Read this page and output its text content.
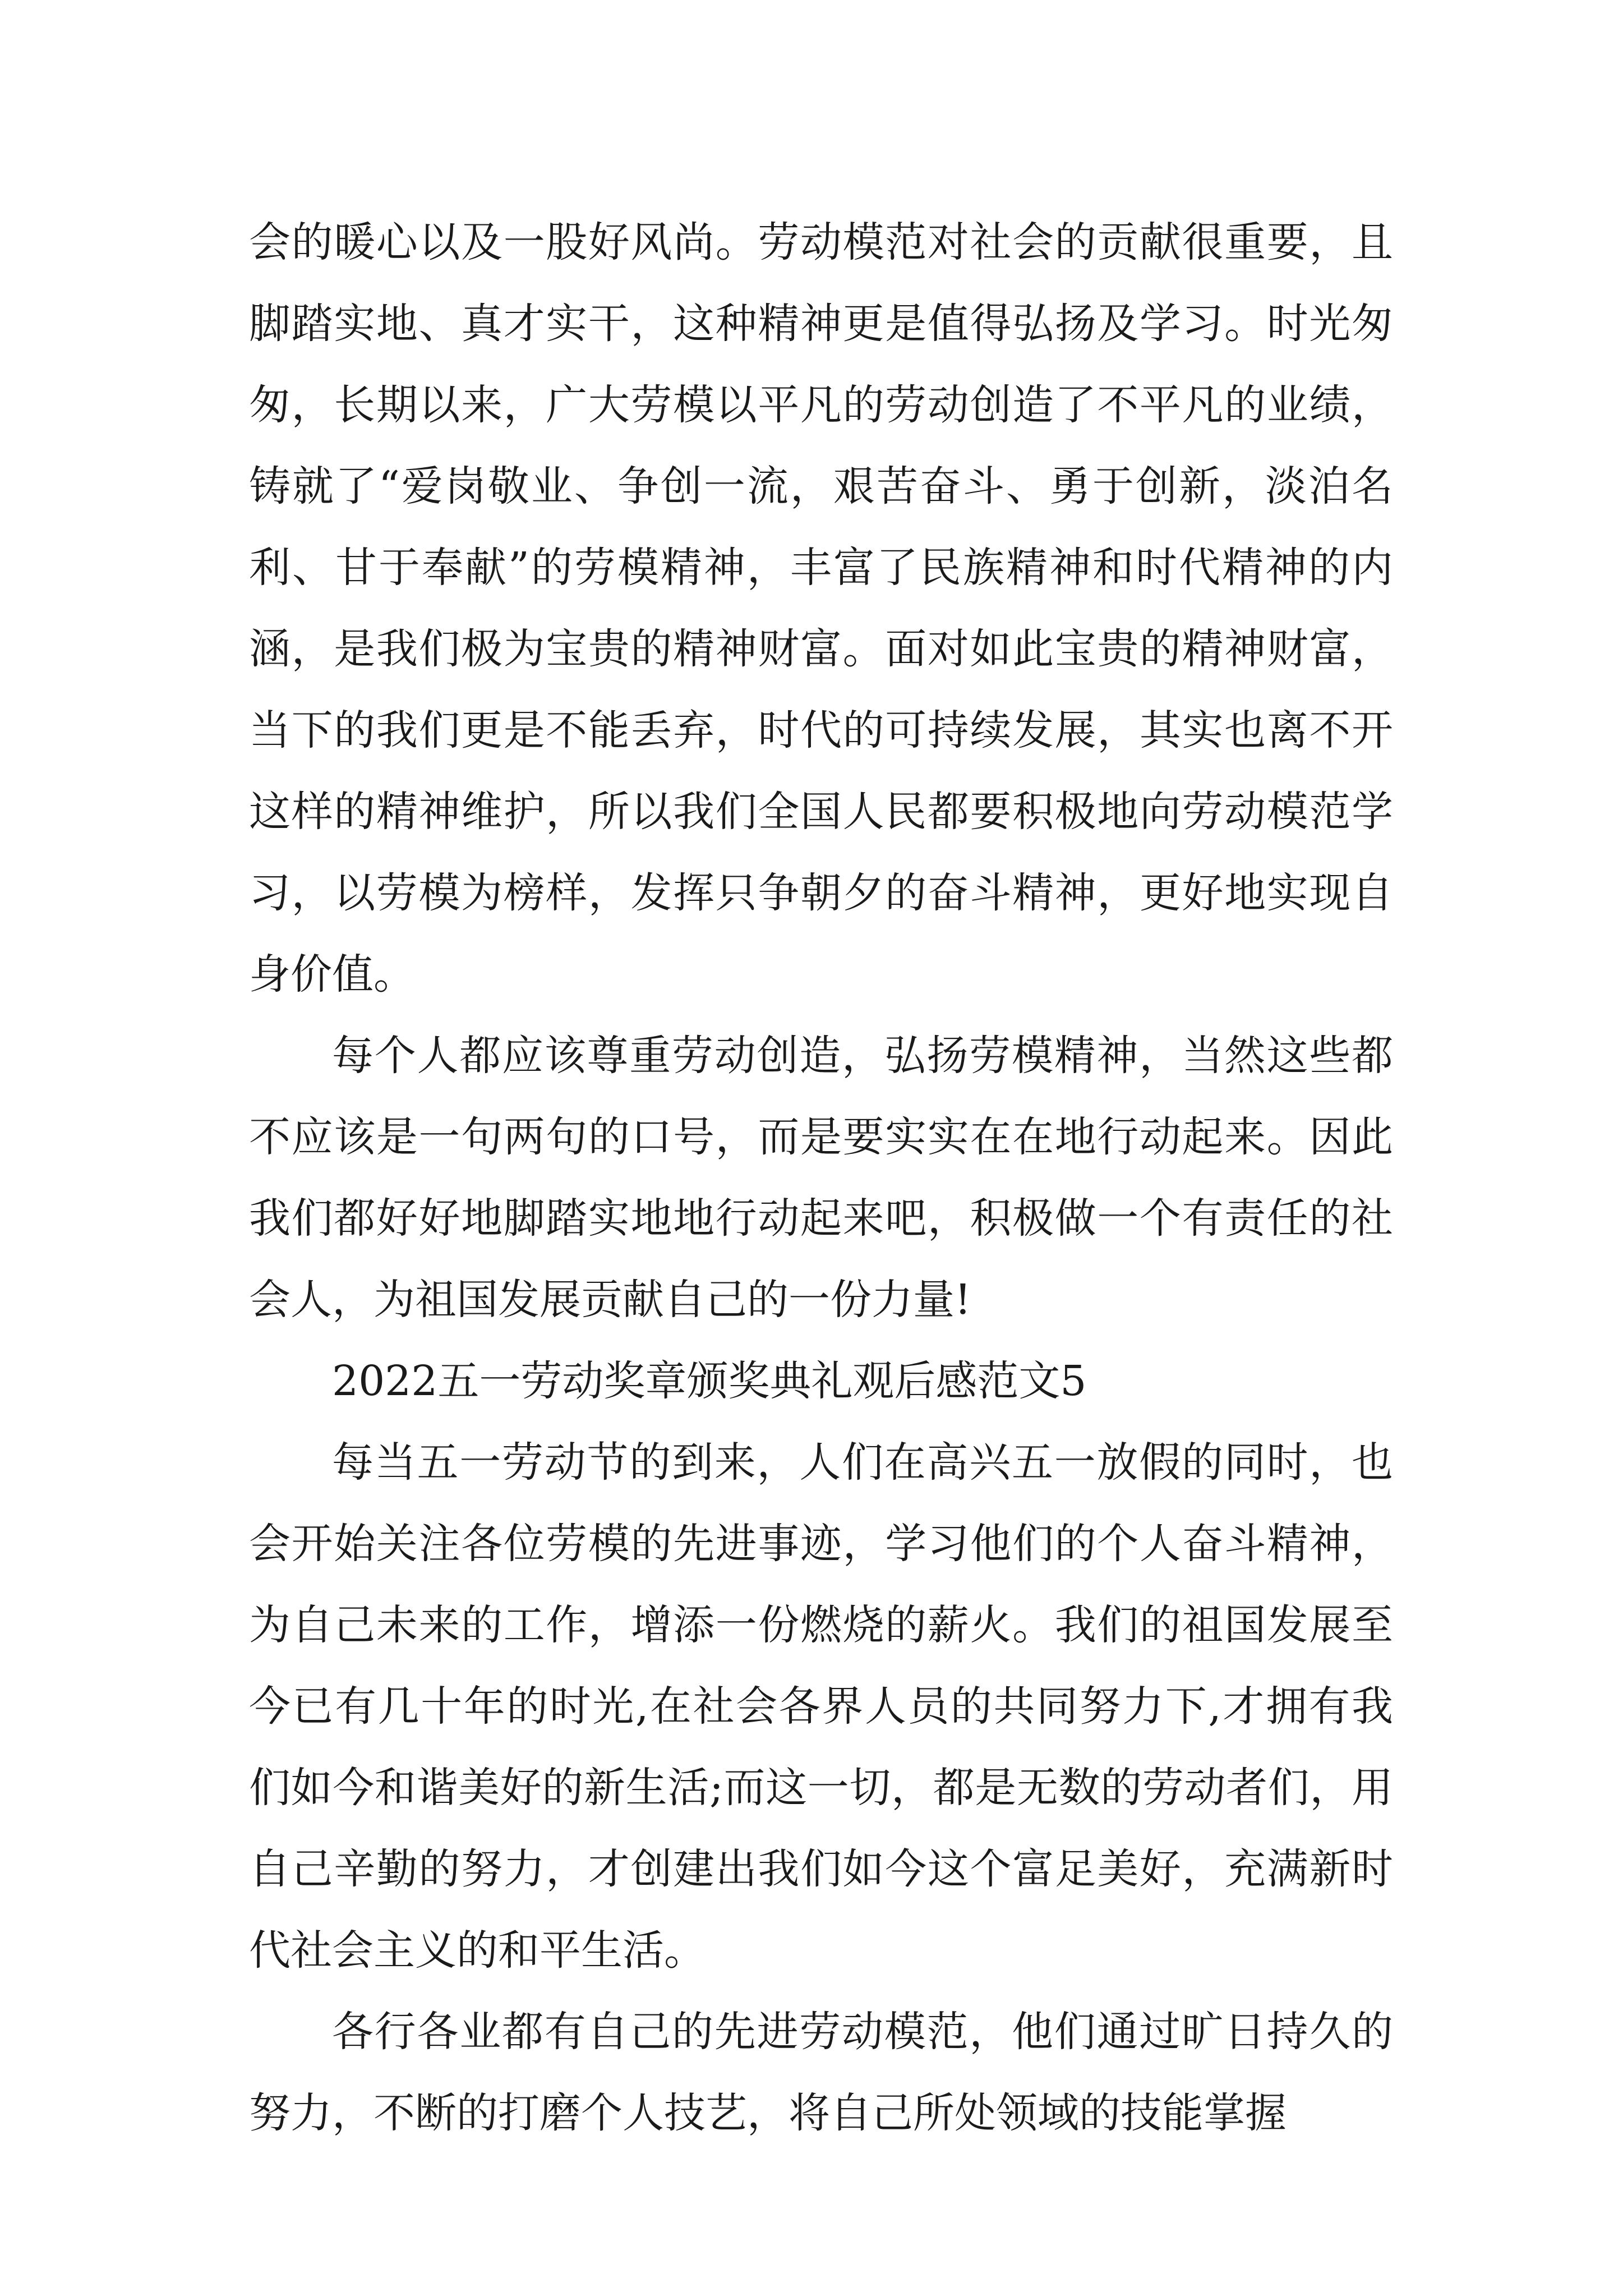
会的暖心以及一股好风尚。劳动模范对社会的贡献很重要，且脚踏实地、真才实干，这种精神更是值得弘扬及学习。时光匆匆，长期以来，广大劳模以平凡的劳动创造了不平凡的业绩，铸就了“爱岗敬业、争创一流，艰苦奋斗、勇于创新，淡泊名利、甘于奉献”的劳模精神，丰富了民族精神和时代精神的内涵，是我们极为宝贵的精神财富。面对如此宝贵的精神财富，当下的我们更是不能丢弃，时代的可持续发展，其实也离不开这样的精神维护，所以我们全国人民都要积极地向劳动模范学习，以劳模为榜样，发挥只争朝夕的奋斗精神，更好地实现自身价值。

每个人都应该尊重劳动创造，弘扬劳模精神，当然这些都不应该是一句两句的口号，而是要实实在在地行动起来。因此我们都好好地脚踏实地地行动起来吧，积极做一个有责任的社会人，为祖国发展贡献自己的一份力量!

2022五一劳动奖章颁奖典礼观后感范文5

每当五一劳动节的到来，人们在高兴五一放假的同时，也会开始关注各位劳模的先进事迹，学习他们的个人奋斗精神，为自己未来的工作，增添一份燃烧的薪火。我们的祖国发展至今已有几十年的时光,在社会各界人员的共同努力下,才拥有我们如今和谐美好的新生活;而这一切，都是无数的劳动者们，用自己辛勤的努力，才创建出我们如今这个富足美好，充满新时代社会主义的和平生活。

各行各业都有自己的先进劳动模范，他们通过旷日持久的努力，不断的打磨个人技艺，将自己所处领域的技能掌握
